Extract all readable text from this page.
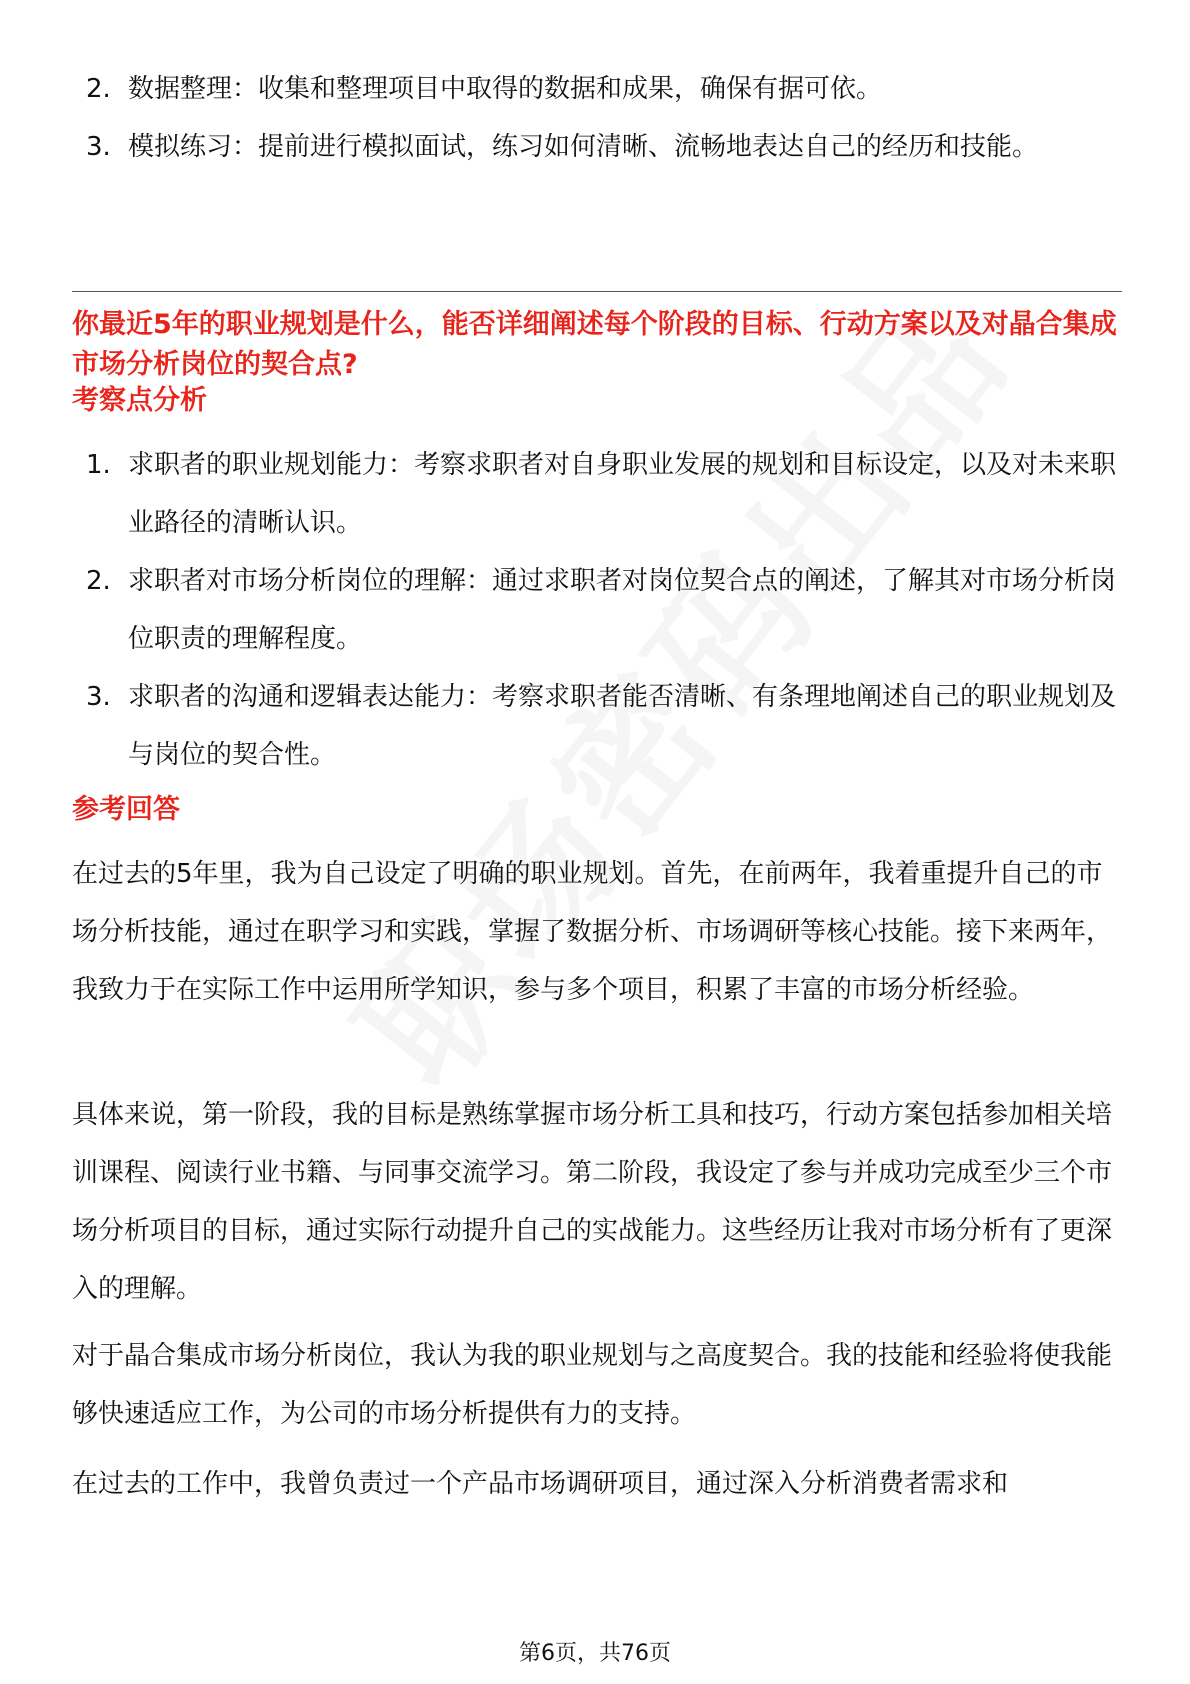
2. 数据整理：收集和整理项目中取得的数据和成果，确保有据可依。
3. 模拟练习：提前进行模拟面试，练习如何清晰、流畅地表达自己的经历和技能。

你最近5年的职业规划是什么，能否详细阐述每个阶段的目标、行动方案以及对晶合集成市场分析岗位的契合点?

考察点分析

1. 求职者的职业规划能力：考察求职者对自身职业发展的规划和目标设定，以及对未来职业路径的清晰认识。
2. 求职者对市场分析岗位的理解：通过求职者对岗位契合点的阐述，了解其对市场分析岗位职责的理解程度。
3. 求职者的沟通和逻辑表达能力：考察求职者能否清晰、有条理地阐述自己的职业规划及与岗位的契合性。

参考回答

在过去的5年里，我为自己设定了明确的职业规划。首先，在前两年，我着重提升自己的市场分析技能，通过在职学习和实践，掌握了数据分析、市场调研等核心技能。接下来两年，我致力于在实际工作中运用所学知识，参与多个项目，积累了丰富的市场分析经验。

具体来说，第一阶段，我的目标是熟练掌握市场分析工具和技巧，行动方案包括参加相关培训课程、阅读行业书籍、与同事交流学习。第二阶段，我设定了参与并成功完成至少三个市场分析项目的目标，通过实际行动提升自己的实战能力。这些经历让我对市场分析有了更深入的理解。

对于晶合集成市场分析岗位，我认为我的职业规划与之高度契合。我的技能和经验将使我能够快速适应工作，为公司的市场分析提供有力的支持。

在过去的工作中，我曾负责过一个产品市场调研项目，通过深入分析消费者需求和

第6页，共76页
